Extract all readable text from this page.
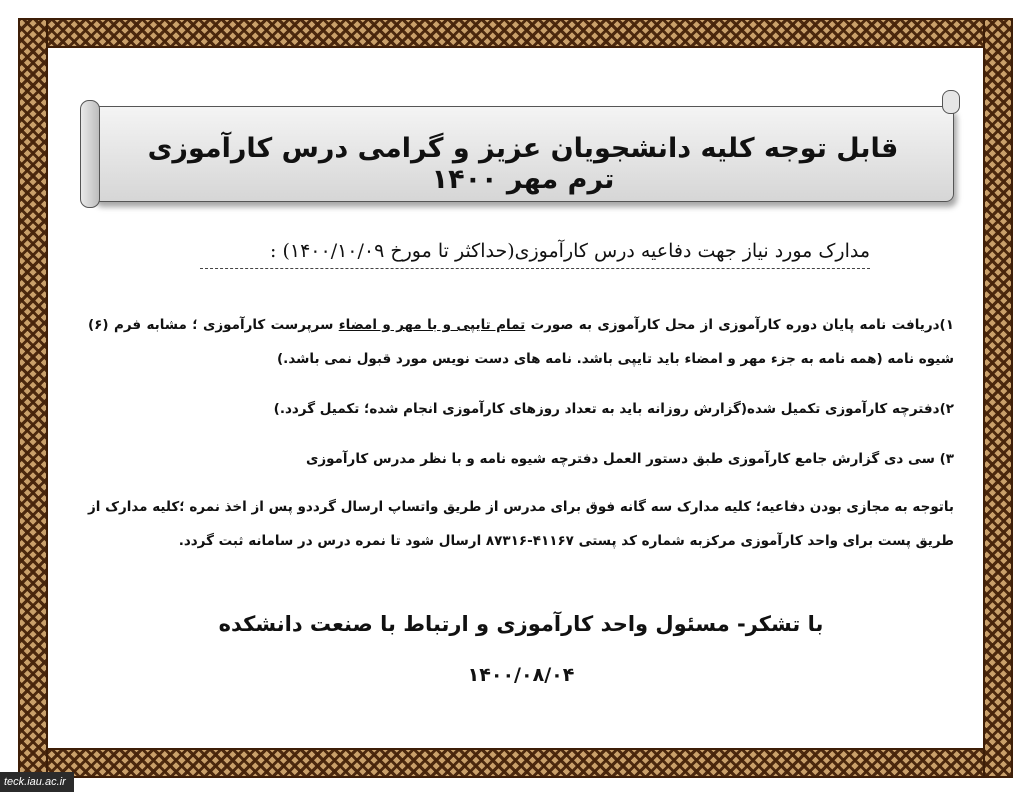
قابل توجه کلیه دانشجویان عزیز و گرامی درس کارآموزی ترم مهر ۱۴۰۰
مدارک مورد نیاز جهت دفاعیه درس کارآموزی(حداکثر تا مورخ ۱۴۰۰/۱۰/۰۹) :
۱)دریافت نامه پایان دوره کارآموزی از محل کارآموزی به صورت تمام تایپی و با مهر و امضاء سرپرست کارآموزی ؛ مشابه فرم (۶) شیوه نامه (همه نامه به جزء مهر و امضاء باید تایپی باشد. نامه های دست نویس مورد قبول نمی باشد.)
۲)دفترچه کارآموزی تکمیل شده(گزارش روزانه باید به تعداد روزهای کارآموزی انجام شده؛ تکمیل گردد.)
۳) سی دی گزارش جامع کارآموزی طبق دستور العمل دفترچه شیوه نامه و با نظر مدرس کارآموزی
باتوجه به مجازی بودن دفاعیه؛ کلیه مدارک سه گانه فوق برای مدرس از طریق واتساپ ارسال گرددو پس از اخذ نمره ؛کلیه مدارک از طریق پست برای واحد کارآموزی مرکزبه شماره کد پستی ۴۱۱۶۷-۸۷۳۱۶ ارسال شود تا نمره درس در سامانه ثبت گردد.
با تشکر- مسئول واحد کارآموزی و ارتباط با صنعت دانشکده
۱۴۰۰/۰۸/۰۴
teck.iau.ac.ir
